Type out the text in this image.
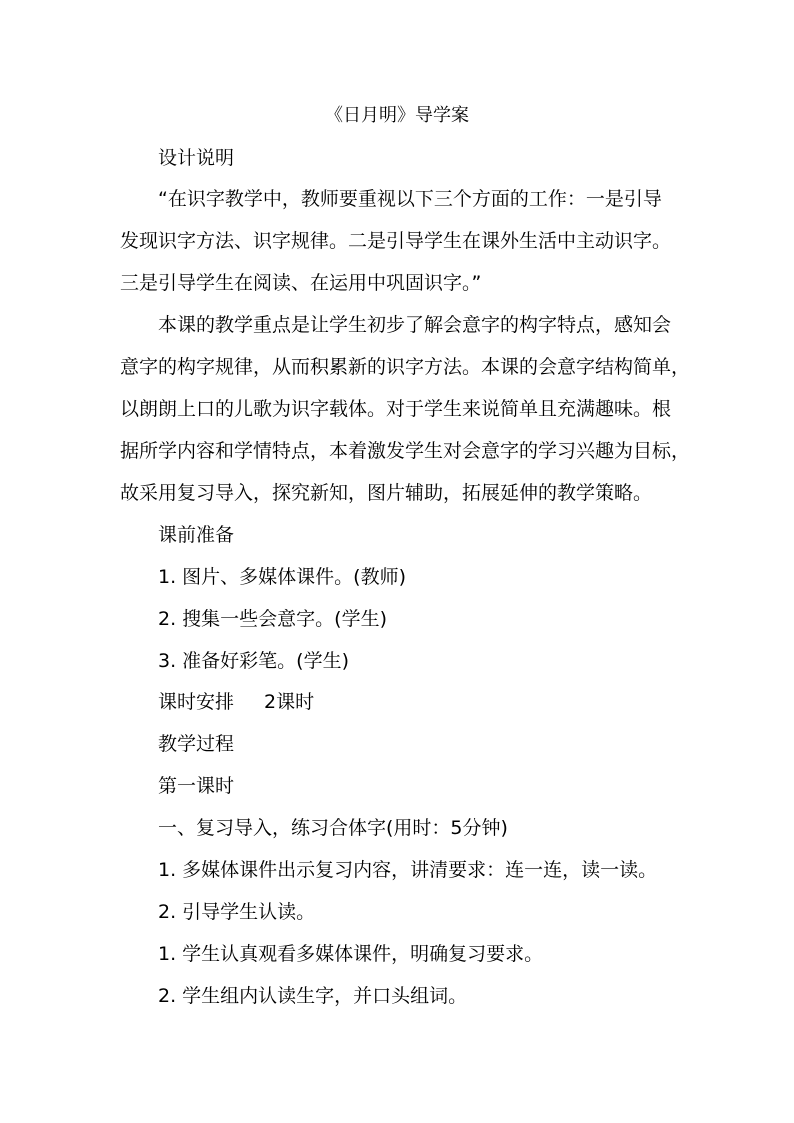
《日月明》导学案
设计说明
“在识字教学中，教师要重视以下三个方面的工作：一是引导
发现识字方法、识字规律。二是引导学生在课外生活中主动识字。
三是引导学生在阅读、在运用中巩固识字。”
本课的教学重点是让学生初步了解会意字的构字特点，感知会
意字的构字规律，从而积累新的识字方法。本课的会意字结构简单，
以朗朗上口的儿歌为识字载体。对于学生来说简单且充满趣味。根
据所学内容和学情特点，本着激发学生对会意字的学习兴趣为目标，
故采用复习导入，探究新知，图片辅助，拓展延伸的教学策略。
课前准备
1. 图片、多媒体课件。(教师)
2. 搜集一些会意字。(学生)
3. 准备好彩笔。(学生)
课时安排 2课时
教学过程
第一课时
一、复习导入，练习合体字(用时：5分钟)
1. 多媒体课件出示复习内容，讲清要求：连一连，读一读。
2. 引导学生认读。
1. 学生认真观看多媒体课件，明确复习要求。
2. 学生组内认读生字，并口头组词。
